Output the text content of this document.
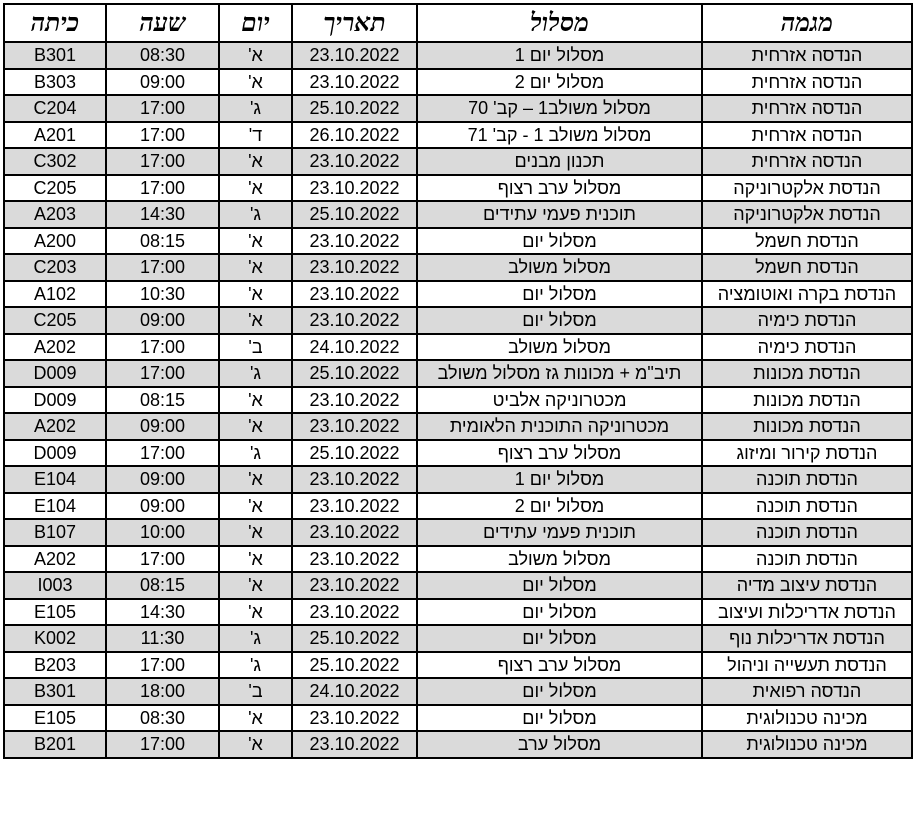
מגמה	מסלול	תאריך	יום	שעה	כיתה
הנדסה אזרחית	מסלול יום 1	23.10.2022	א'	08:30	B301
הנדסה אזרחית	מסלול יום 2	23.10.2022	א'	09:00	B303
הנדסה אזרחית	מסלול משולב1 – קב' 70	25.10.2022	ג'	17:00	C204
הנדסה אזרחית	מסלול משולב 1 - קב' 71	26.10.2022	ד'	17:00	A201
הנדסה אזרחית	תכנון מבנים	23.10.2022	א'	17:00	C302
הנדסת אלקטרוניקה	מסלול ערב רצוף	23.10.2022	א'	17:00	C205
הנדסת אלקטרוניקה	תוכנית פעמי עתידים	25.10.2022	ג'	14:30	A203
הנדסת חשמל	מסלול יום	23.10.2022	א'	08:15	A200
הנדסת חשמל	מסלול משולב	23.10.2022	א'	17:00	C203
הנדסת בקרה ואוטומציה	מסלול יום	23.10.2022	א'	10:30	A102
הנדסת כימיה	מסלול יום	23.10.2022	א'	09:00	C205
הנדסת כימיה	מסלול משולב	24.10.2022	ב'	17:00	A202
הנדסת מכונות	תיב"מ + מכונות גז מסלול משולב	25.10.2022	ג'	17:00	D009
הנדסת מכונות	מכטרוניקה אלביט	23.10.2022	א'	08:15	D009
הנדסת מכונות	מכטרוניקה התוכנית הלאומית	23.10.2022	א'	09:00	A202
הנדסת קירור ומיזוג	מסלול ערב רצוף	25.10.2022	ג'	17:00	D009
הנדסת תוכנה	מסלול יום 1	23.10.2022	א'	09:00	E104
הנדסת תוכנה	מסלול יום 2	23.10.2022	א'	09:00	E104
הנדסת תוכנה	תוכנית פעמי עתידים	23.10.2022	א'	10:00	B107
הנדסת תוכנה	מסלול משולב	23.10.2022	א'	17:00	A202
הנדסת עיצוב מדיה	מסלול יום	23.10.2022	א'	08:15	I003
הנדסת אדריכלות ועיצוב	מסלול יום	23.10.2022	א'	14:30	E105
הנדסת אדריכלות נוף	מסלול יום	25.10.2022	ג'	11:30	K002
הנדסת תעשייה וניהול	מסלול ערב רצוף	25.10.2022	ג'	17:00	B203
הנדסה רפואית	מסלול יום	24.10.2022	ב'	18:00	B301
מכינה טכנולוגית	מסלול יום	23.10.2022	א'	08:30	E105
מכינה טכנולוגית	מסלול ערב	23.10.2022	א'	17:00	B201
